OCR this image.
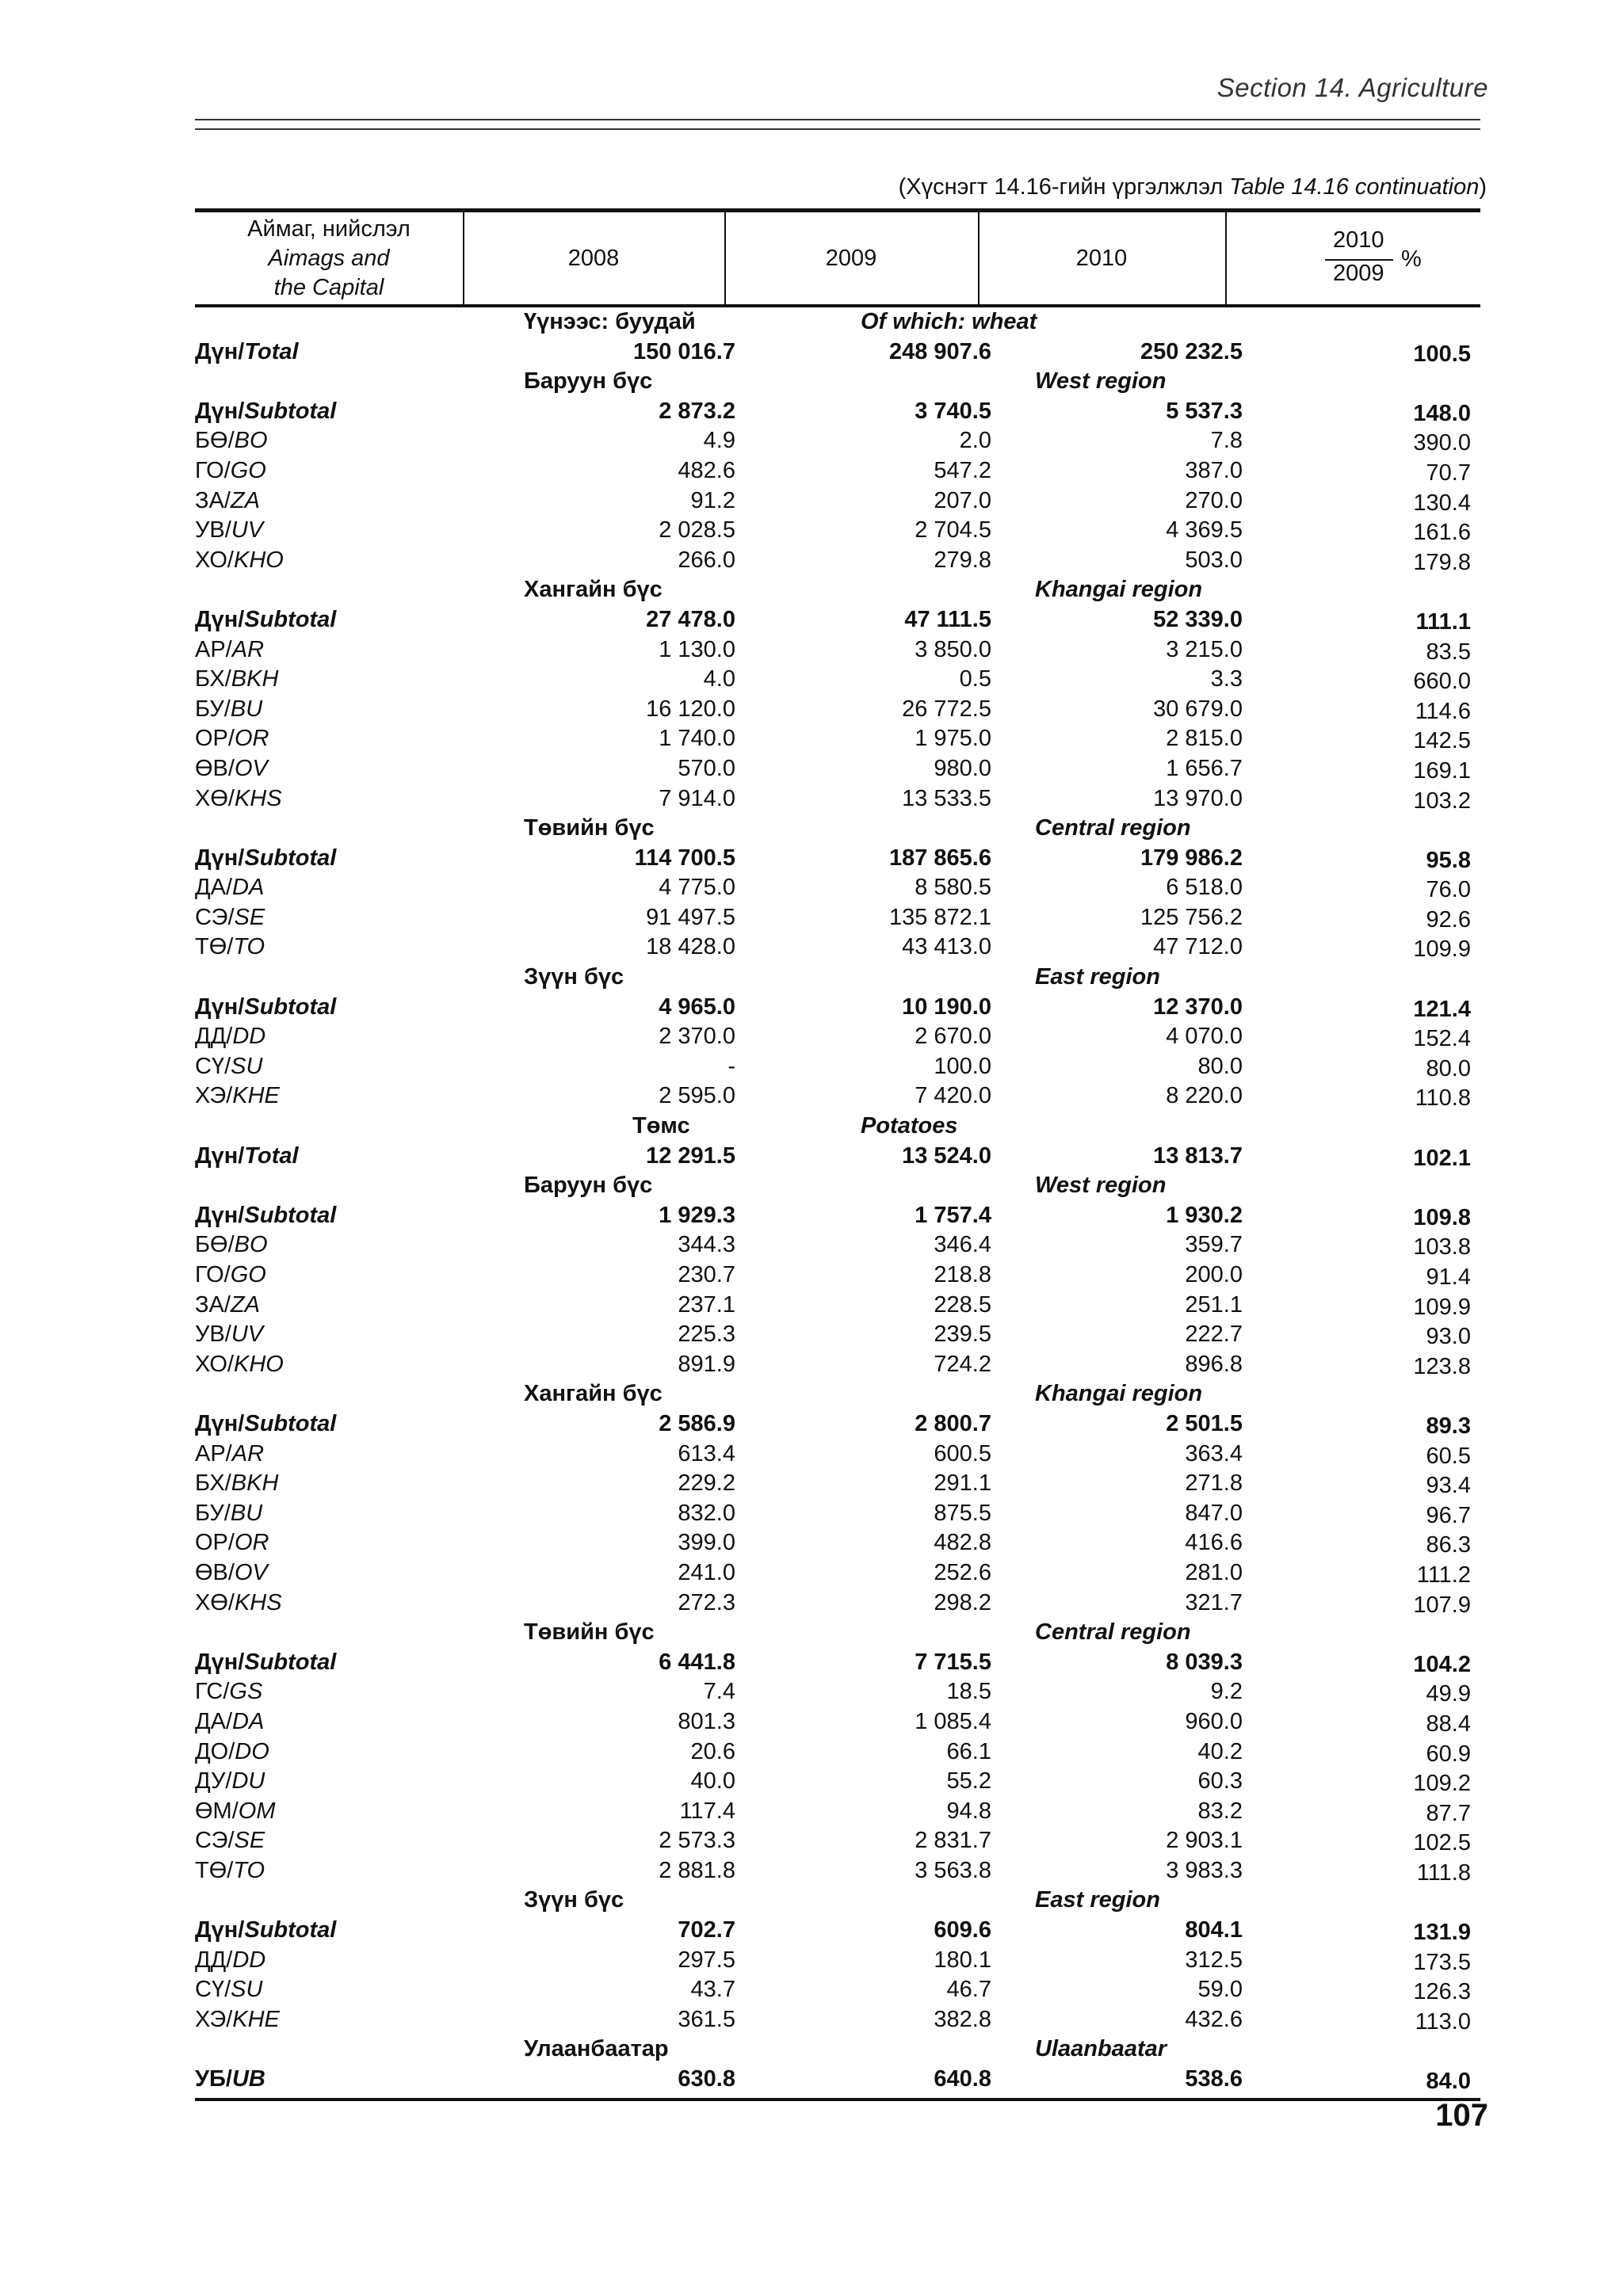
Section 14. Agriculture
(Хүснэгт 14.16-гийн үргэлжлэл Table 14.16 continuation)
Аймаг, нийслэл
Aimags and
the Capital
2008	2009	2010
2010
2009
%
Үүнээс: буудай	Of which: wheat
Дүн/Total	150 016.7	248 907.6	250 232.5	100.5
Баруун бүс	West region
Дүн/Subtotal	2 873.2	3 740.5	5 537.3	148.0
БӨ/BO	4.9	2.0	7.8	390.0
ГО/GO	482.6	547.2	387.0	70.7
ЗА/ZA	91.2	207.0	270.0	130.4
УВ/UV	2 028.5	2 704.5	4 369.5	161.6
ХО/KHO	266.0	279.8	503.0	179.8
Хангайн бүс	Khangai region
Дүн/Subtotal	27 478.0	47 111.5	52 339.0	111.1
АР/AR	1 130.0	3 850.0	3 215.0	83.5
БХ/BKH	4.0	0.5	3.3	660.0
БУ/BU	16 120.0	26 772.5	30 679.0	114.6
ОР/OR	1 740.0	1 975.0	2 815.0	142.5
ӨВ/OV	570.0	980.0	1 656.7	169.1
ХӨ/KHS	7 914.0	13 533.5	13 970.0	103.2
Төвийн бүс	Central region
Дүн/Subtotal	114 700.5	187 865.6	179 986.2	95.8
ДА/DA	4 775.0	8 580.5	6 518.0	76.0
СЭ/SE	91 497.5	135 872.1	125 756.2	92.6
ТӨ/TO	18 428.0	43 413.0	47 712.0	109.9
Зүүн бүс	East region
Дүн/Subtotal	4 965.0	10 190.0	12 370.0	121.4
ДД/DD	2 370.0	2 670.0	4 070.0	152.4
СҮ/SU	-	100.0	80.0	80.0
ХЭ/KHE	2 595.0	7 420.0	8 220.0	110.8
Төмс	Potatoes
Дүн/Total	12 291.5	13 524.0	13 813.7	102.1
Баруун бүс	West region
Дүн/Subtotal	1 929.3	1 757.4	1 930.2	109.8
БӨ/BO	344.3	346.4	359.7	103.8
ГО/GO	230.7	218.8	200.0	91.4
ЗА/ZA	237.1	228.5	251.1	109.9
УВ/UV	225.3	239.5	222.7	93.0
ХО/KHO	891.9	724.2	896.8	123.8
Хангайн бүс	Khangai region
Дүн/Subtotal	2 586.9	2 800.7	2 501.5	89.3
АР/AR	613.4	600.5	363.4	60.5
БХ/BKH	229.2	291.1	271.8	93.4
БУ/BU	832.0	875.5	847.0	96.7
ОР/OR	399.0	482.8	416.6	86.3
ӨВ/OV	241.0	252.6	281.0	111.2
ХӨ/KHS	272.3	298.2	321.7	107.9
Төвийн бүс	Central region
Дүн/Subtotal	6 441.8	7 715.5	8 039.3	104.2
ГС/GS	7.4	18.5	9.2	49.9
ДА/DA	801.3	1 085.4	960.0	88.4
ДО/DO	20.6	66.1	40.2	60.9
ДУ/DU	40.0	55.2	60.3	109.2
ӨМ/OM	117.4	94.8	83.2	87.7
СЭ/SE	2 573.3	2 831.7	2 903.1	102.5
ТӨ/TO	2 881.8	3 563.8	3 983.3	111.8
Зүүн бүс	East region
Дүн/Subtotal	702.7	609.6	804.1	131.9
ДД/DD	297.5	180.1	312.5	173.5
СҮ/SU	43.7	46.7	59.0	126.3
ХЭ/KHE	361.5	382.8	432.6	113.0
Улаанбаатар	Ulaanbaatar
УБ/UB	630.8	640.8	538.6	84.0
107
